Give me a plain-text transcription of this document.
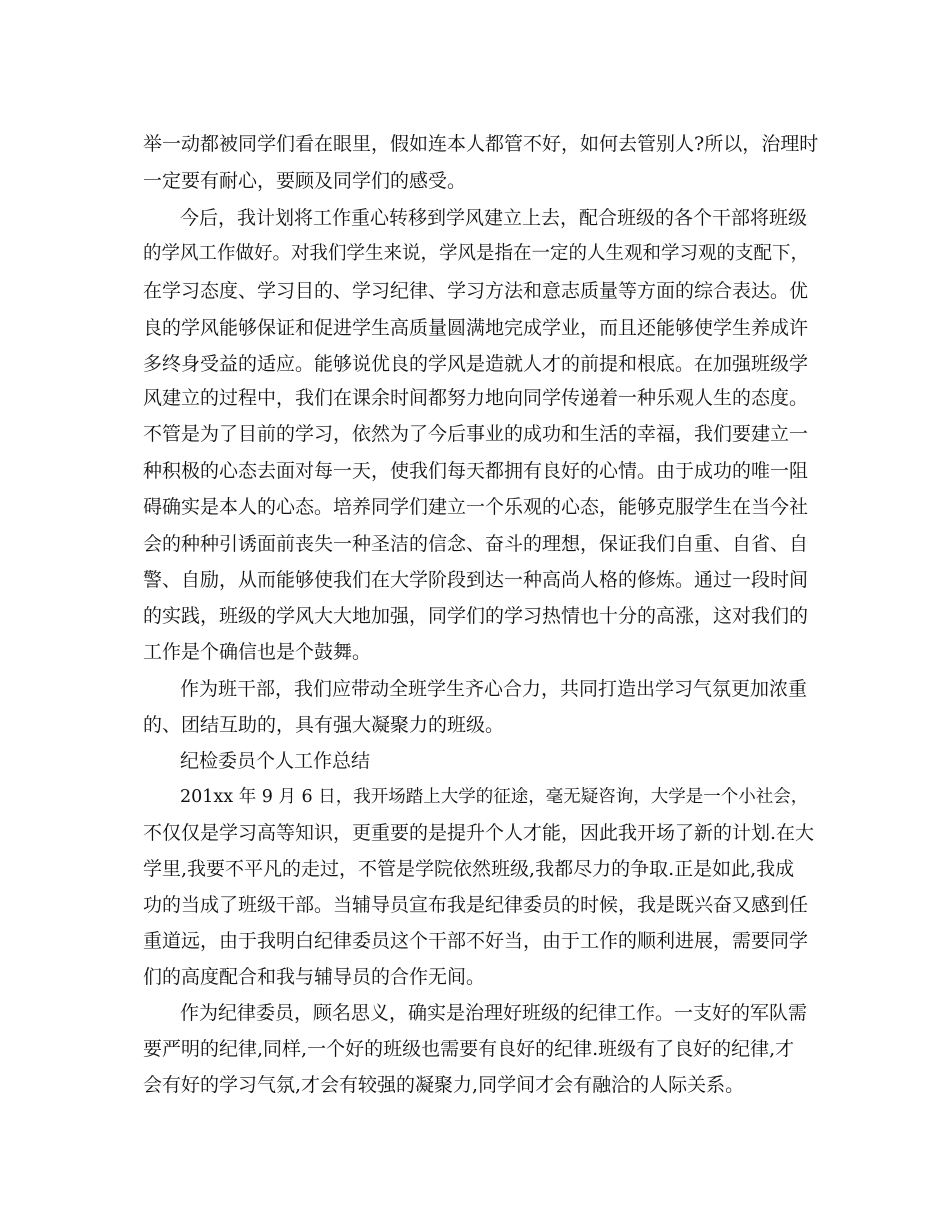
举一动都被同学们看在眼里，假如连本人都管不好，如何去管别人?所以，治理时
一定要有耐心，要顾及同学们的感受。
今后，我计划将工作重心转移到学风建立上去，配合班级的各个干部将班级
的学风工作做好。对我们学生来说，学风是指在一定的人生观和学习观的支配下，
在学习态度、学习目的、学习纪律、学习方法和意志质量等方面的综合表达。优
良的学风能够保证和促进学生高质量圆满地完成学业，而且还能够使学生养成许
多终身受益的适应。能够说优良的学风是造就人才的前提和根底。在加强班级学
风建立的过程中，我们在课余时间都努力地向同学传递着一种乐观人生的态度。
不管是为了目前的学习，依然为了今后事业的成功和生活的幸福，我们要建立一
种积极的心态去面对每一天，使我们每天都拥有良好的心情。由于成功的唯一阻
碍确实是本人的心态。培养同学们建立一个乐观的心态，能够克服学生在当今社
会的种种引诱面前丧失一种圣洁的信念、奋斗的理想，保证我们自重、自省、自
警、自励，从而能够使我们在大学阶段到达一种高尚人格的修炼。通过一段时间
的实践，班级的学风大大地加强，同学们的学习热情也十分的高涨，这对我们的
工作是个确信也是个鼓舞。
作为班干部，我们应带动全班学生齐心合力，共同打造出学习气氛更加浓重
的、团结互助的，具有强大凝聚力的班级。
纪检委员个人工作总结
201xx 年 9 月 6 日，我开场踏上大学的征途，毫无疑咨询，大学是一个小社会，
不仅仅是学习高等知识，更重要的是提升个人才能，因此我开场了新的计划.在大
学里,我要不平凡的走过，不管是学院依然班级,我都尽力的争取.正是如此,我成
功的当成了班级干部。当辅导员宣布我是纪律委员的时候，我是既兴奋又感到任
重道远，由于我明白纪律委员这个干部不好当，由于工作的顺利进展，需要同学
们的高度配合和我与辅导员的合作无间。
作为纪律委员，顾名思义，确实是治理好班级的纪律工作。一支好的军队需
要严明的纪律,同样,一个好的班级也需要有良好的纪律.班级有了良好的纪律,才
会有好的学习气氛,才会有较强的凝聚力,同学间才会有融洽的人际关系。
